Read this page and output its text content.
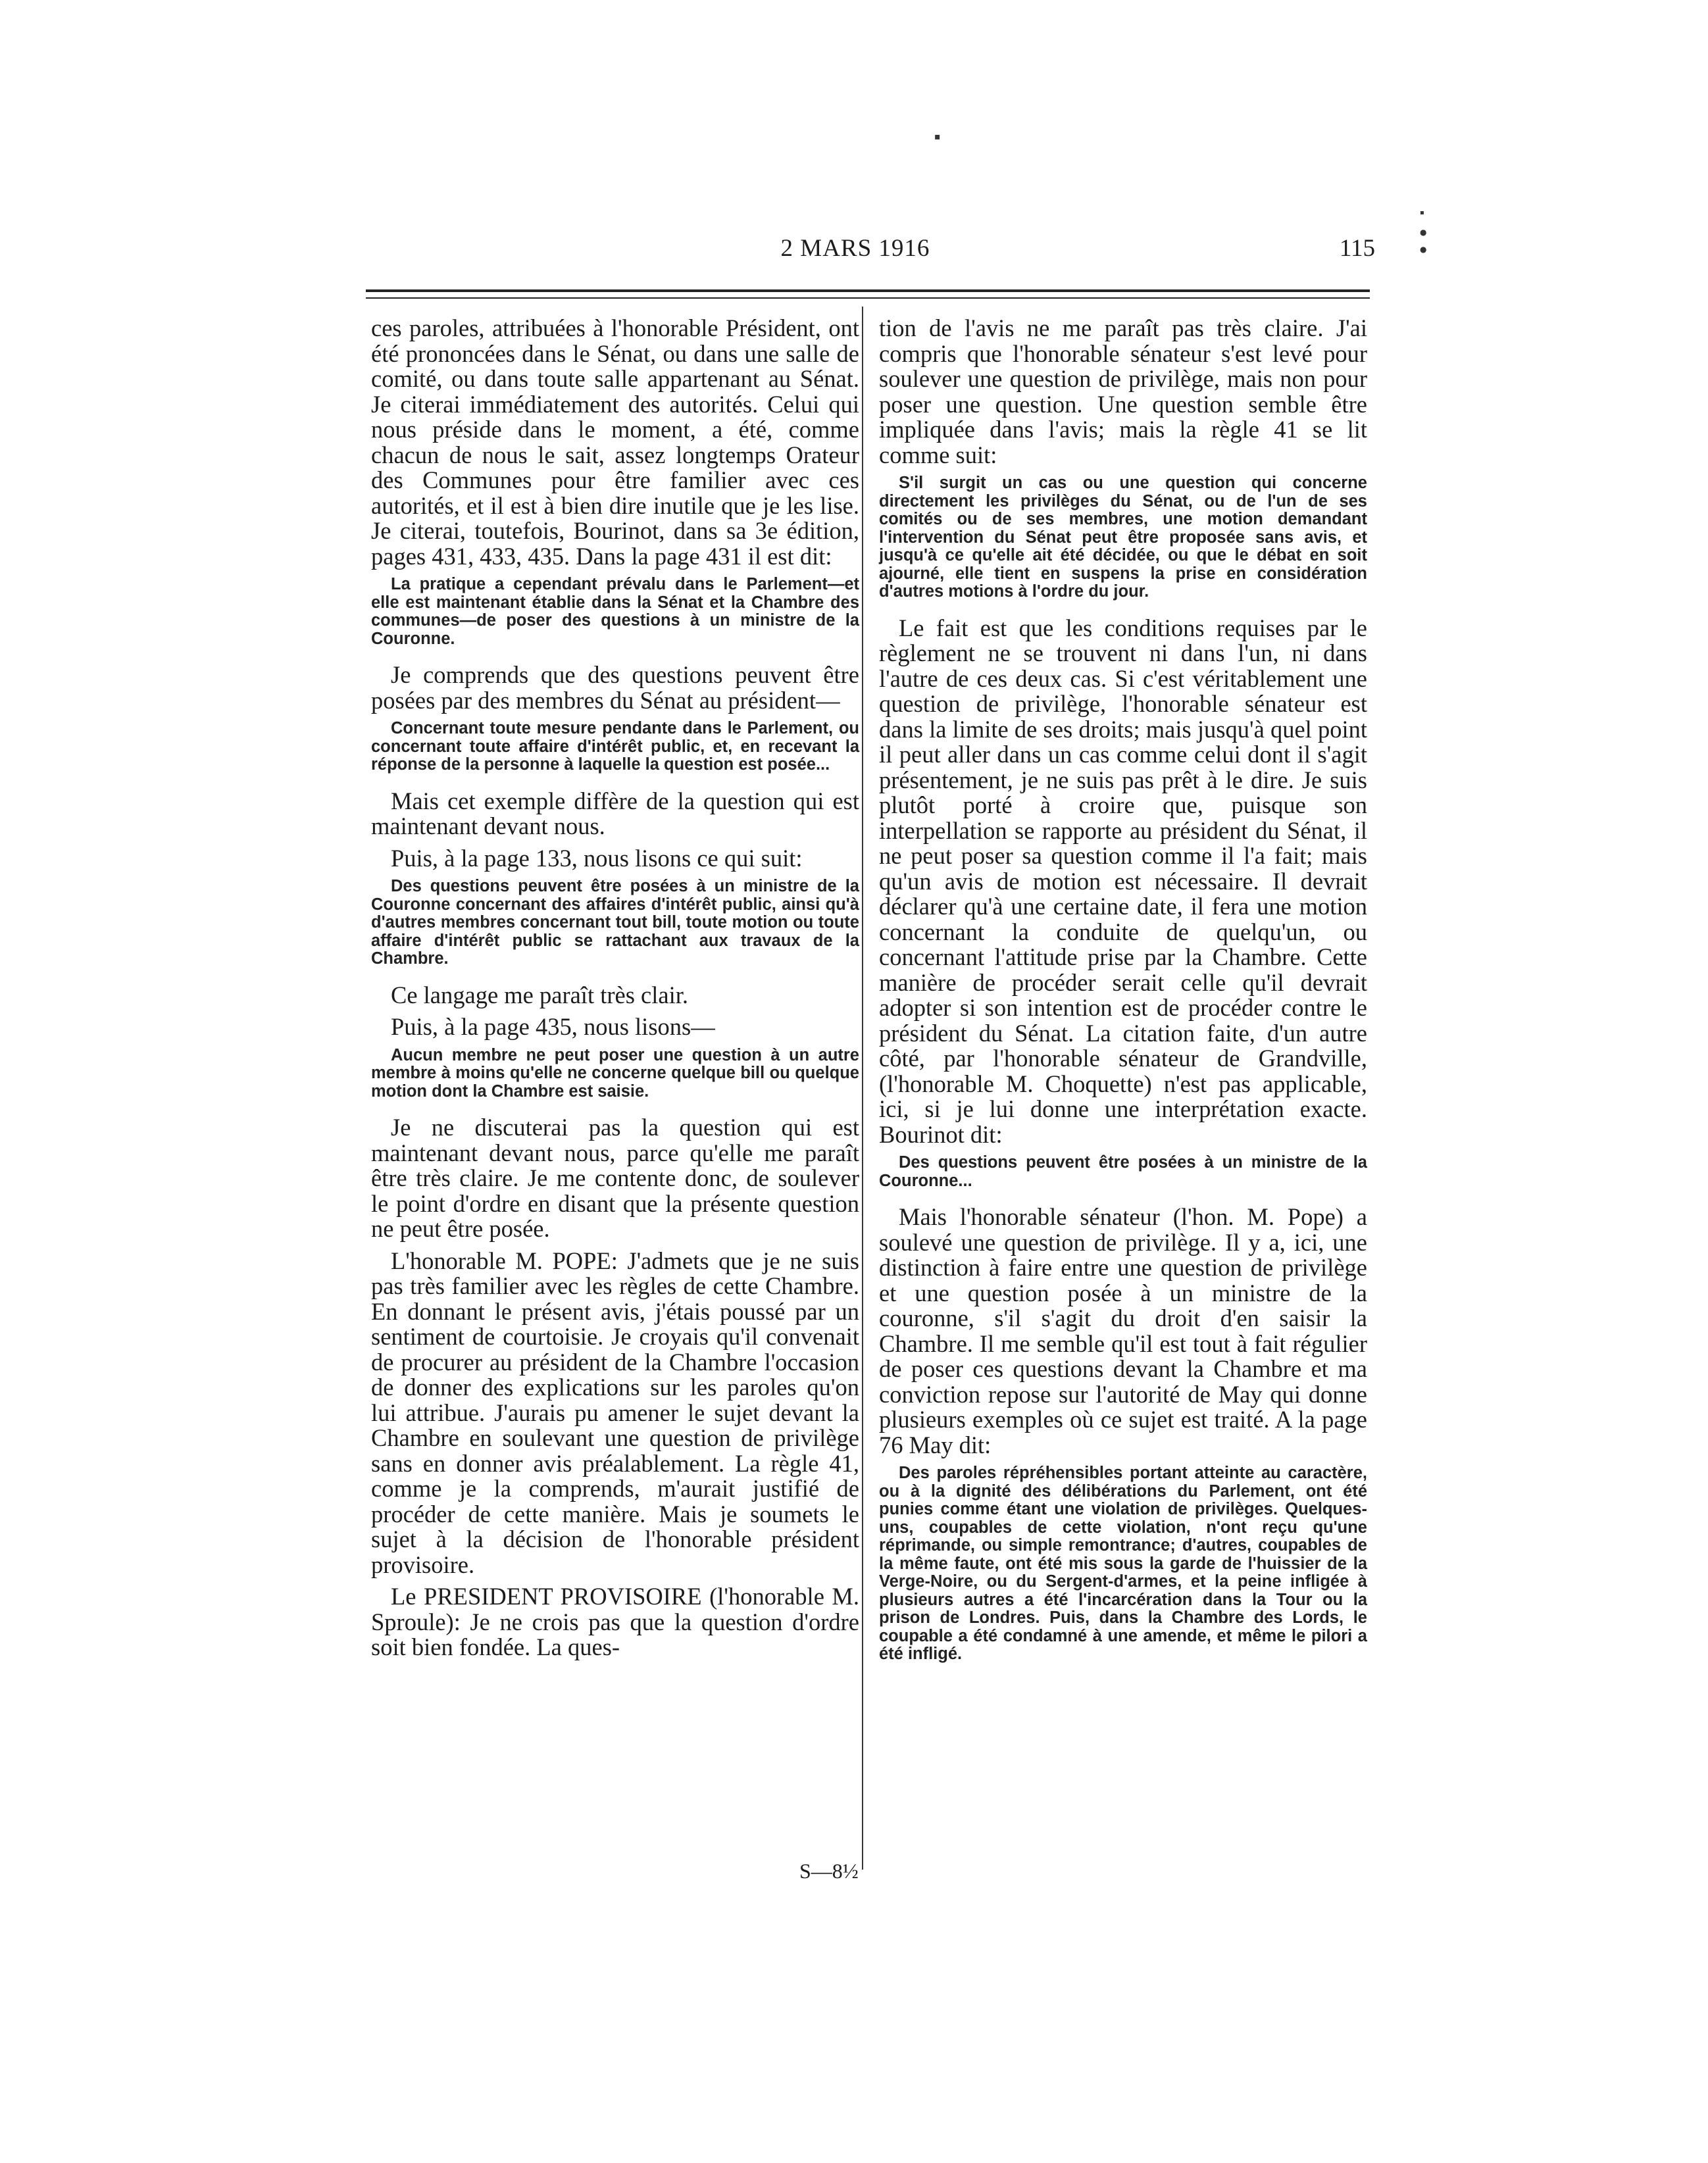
2 MARS 1916	115

ces paroles, attribuées à l'honorable Président, ont été prononcées dans le Sénat, ou dans une salle de comité, ou dans toute salle appartenant au Sénat. Je citerai immédiatement des autorités. Celui qui nous préside dans le moment, a été, comme chacun de nous le sait, assez longtemps Orateur des Communes pour être familier avec ces autorités, et il est à bien dire inutile que je les lise. Je citerai, toutefois, Bourinot, dans sa 3e édition, pages 431, 433, 435. Dans la page 431 il est dit:

La pratique a cependant prévalu dans le Parlement—et elle est maintenant établie dans la Sénat et la Chambre des communes—de poser des questions à un ministre de la Couronne.

Je comprends que des questions peuvent être posées par des membres du Sénat au président—

Concernant toute mesure pendante dans le Parlement, ou concernant toute affaire d'intérêt public, et, en recevant la réponse de la personne à laquelle la question est posée...

Mais cet exemple diffère de la question qui est maintenant devant nous.

Puis, à la page 133, nous lisons ce qui suit:

Des questions peuvent être posées à un ministre de la Couronne concernant des affaires d'intérêt public, ainsi qu'à d'autres membres concernant tout bill, toute motion ou toute affaire d'intérêt public se rattachant aux travaux de la Chambre.

Ce langage me paraît très clair.

Puis, à la page 435, nous lisons—

Aucun membre ne peut poser une question à un autre membre à moins qu'elle ne concerne quelque bill ou quelque motion dont la Chambre est saisie.

Je ne discuterai pas la question qui est maintenant devant nous, parce qu'elle me paraît être très claire. Je me contente donc, de soulever le point d'ordre en disant que la présente question ne peut être posée.

L'honorable M. POPE: J'admets que je ne suis pas très familier avec les règles de cette Chambre. En donnant le présent avis, j'étais poussé par un sentiment de courtoisie. Je croyais qu'il convenait de procurer au président de la Chambre l'occasion de donner des explications sur les paroles qu'on lui attribue. J'aurais pu amener le sujet devant la Chambre en soulevant une question de privilège sans en donner avis préalablement. La règle 41, comme je la comprends, m'aurait justifié de procéder de cette manière. Mais je soumets le sujet à la décision de l'honorable président provisoire.

Le PRESIDENT PROVISOIRE (l'honorable M. Sproule): Je ne crois pas que la question d'ordre soit bien fondée. La ques-

tion de l'avis ne me paraît pas très claire. J'ai compris que l'honorable sénateur s'est levé pour soulever une question de privilège, mais non pour poser une question. Une question semble être impliquée dans l'avis; mais la règle 41 se lit comme suit:

S'il surgit un cas ou une question qui concerne directement les privilèges du Sénat, ou de l'un de ses comités ou de ses membres, une motion demandant l'intervention du Sénat peut être proposée sans avis, et jusqu'à ce qu'elle ait été décidée, ou que le débat en soit ajourné, elle tient en suspens la prise en considération d'autres motions à l'ordre du jour.

Le fait est que les conditions requises par le règlement ne se trouvent ni dans l'un, ni dans l'autre de ces deux cas. Si c'est véritablement une question de privilège, l'honorable sénateur est dans la limite de ses droits; mais jusqu'à quel point il peut aller dans un cas comme celui dont il s'agit présentement, je ne suis pas prêt à le dire. Je suis plutôt porté à croire que, puisque son interpellation se rapporte au président du Sénat, il ne peut poser sa question comme il l'a fait; mais qu'un avis de motion est nécessaire. Il devrait déclarer qu'à une certaine date, il fera une motion concernant la conduite de quelqu'un, ou concernant l'attitude prise par la Chambre. Cette manière de procéder serait celle qu'il devrait adopter si son intention est de procéder contre le président du Sénat. La citation faite, d'un autre côté, par l'honorable sénateur de Grandville, (l'honorable M. Choquette) n'est pas applicable, ici, si je lui donne une interprétation exacte. Bourinot dit:

Des questions peuvent être posées à un ministre de la Couronne...

Mais l'honorable sénateur (l'hon. M. Pope) a soulevé une question de privilège. Il y a, ici, une distinction à faire entre une question de privilège et une question posée à un ministre de la couronne, s'il s'agit du droit d'en saisir la Chambre. Il me semble qu'il est tout à fait régulier de poser ces questions devant la Chambre et ma conviction repose sur l'autorité de May qui donne plusieurs exemples où ce sujet est traité. A la page 76 May dit:

Des paroles répréhensibles portant atteinte au caractère, ou à la dignité des délibérations du Parlement, ont été punies comme étant une violation de privilèges. Quelques-uns, coupables de cette violation, n'ont reçu qu'une réprimande, ou simple remontrance; d'autres, coupables de la même faute, ont été mis sous la garde de l'huissier de la Verge-Noire, ou du Sergent-d'armes, et la peine infligée à plusieurs autres a été l'incarcération dans la Tour ou la prison de Londres. Puis, dans la Chambre des Lords, le coupable a été condamné à une amende, et même le pilori a été infligé.

S—8½
▪
▪
●
●
